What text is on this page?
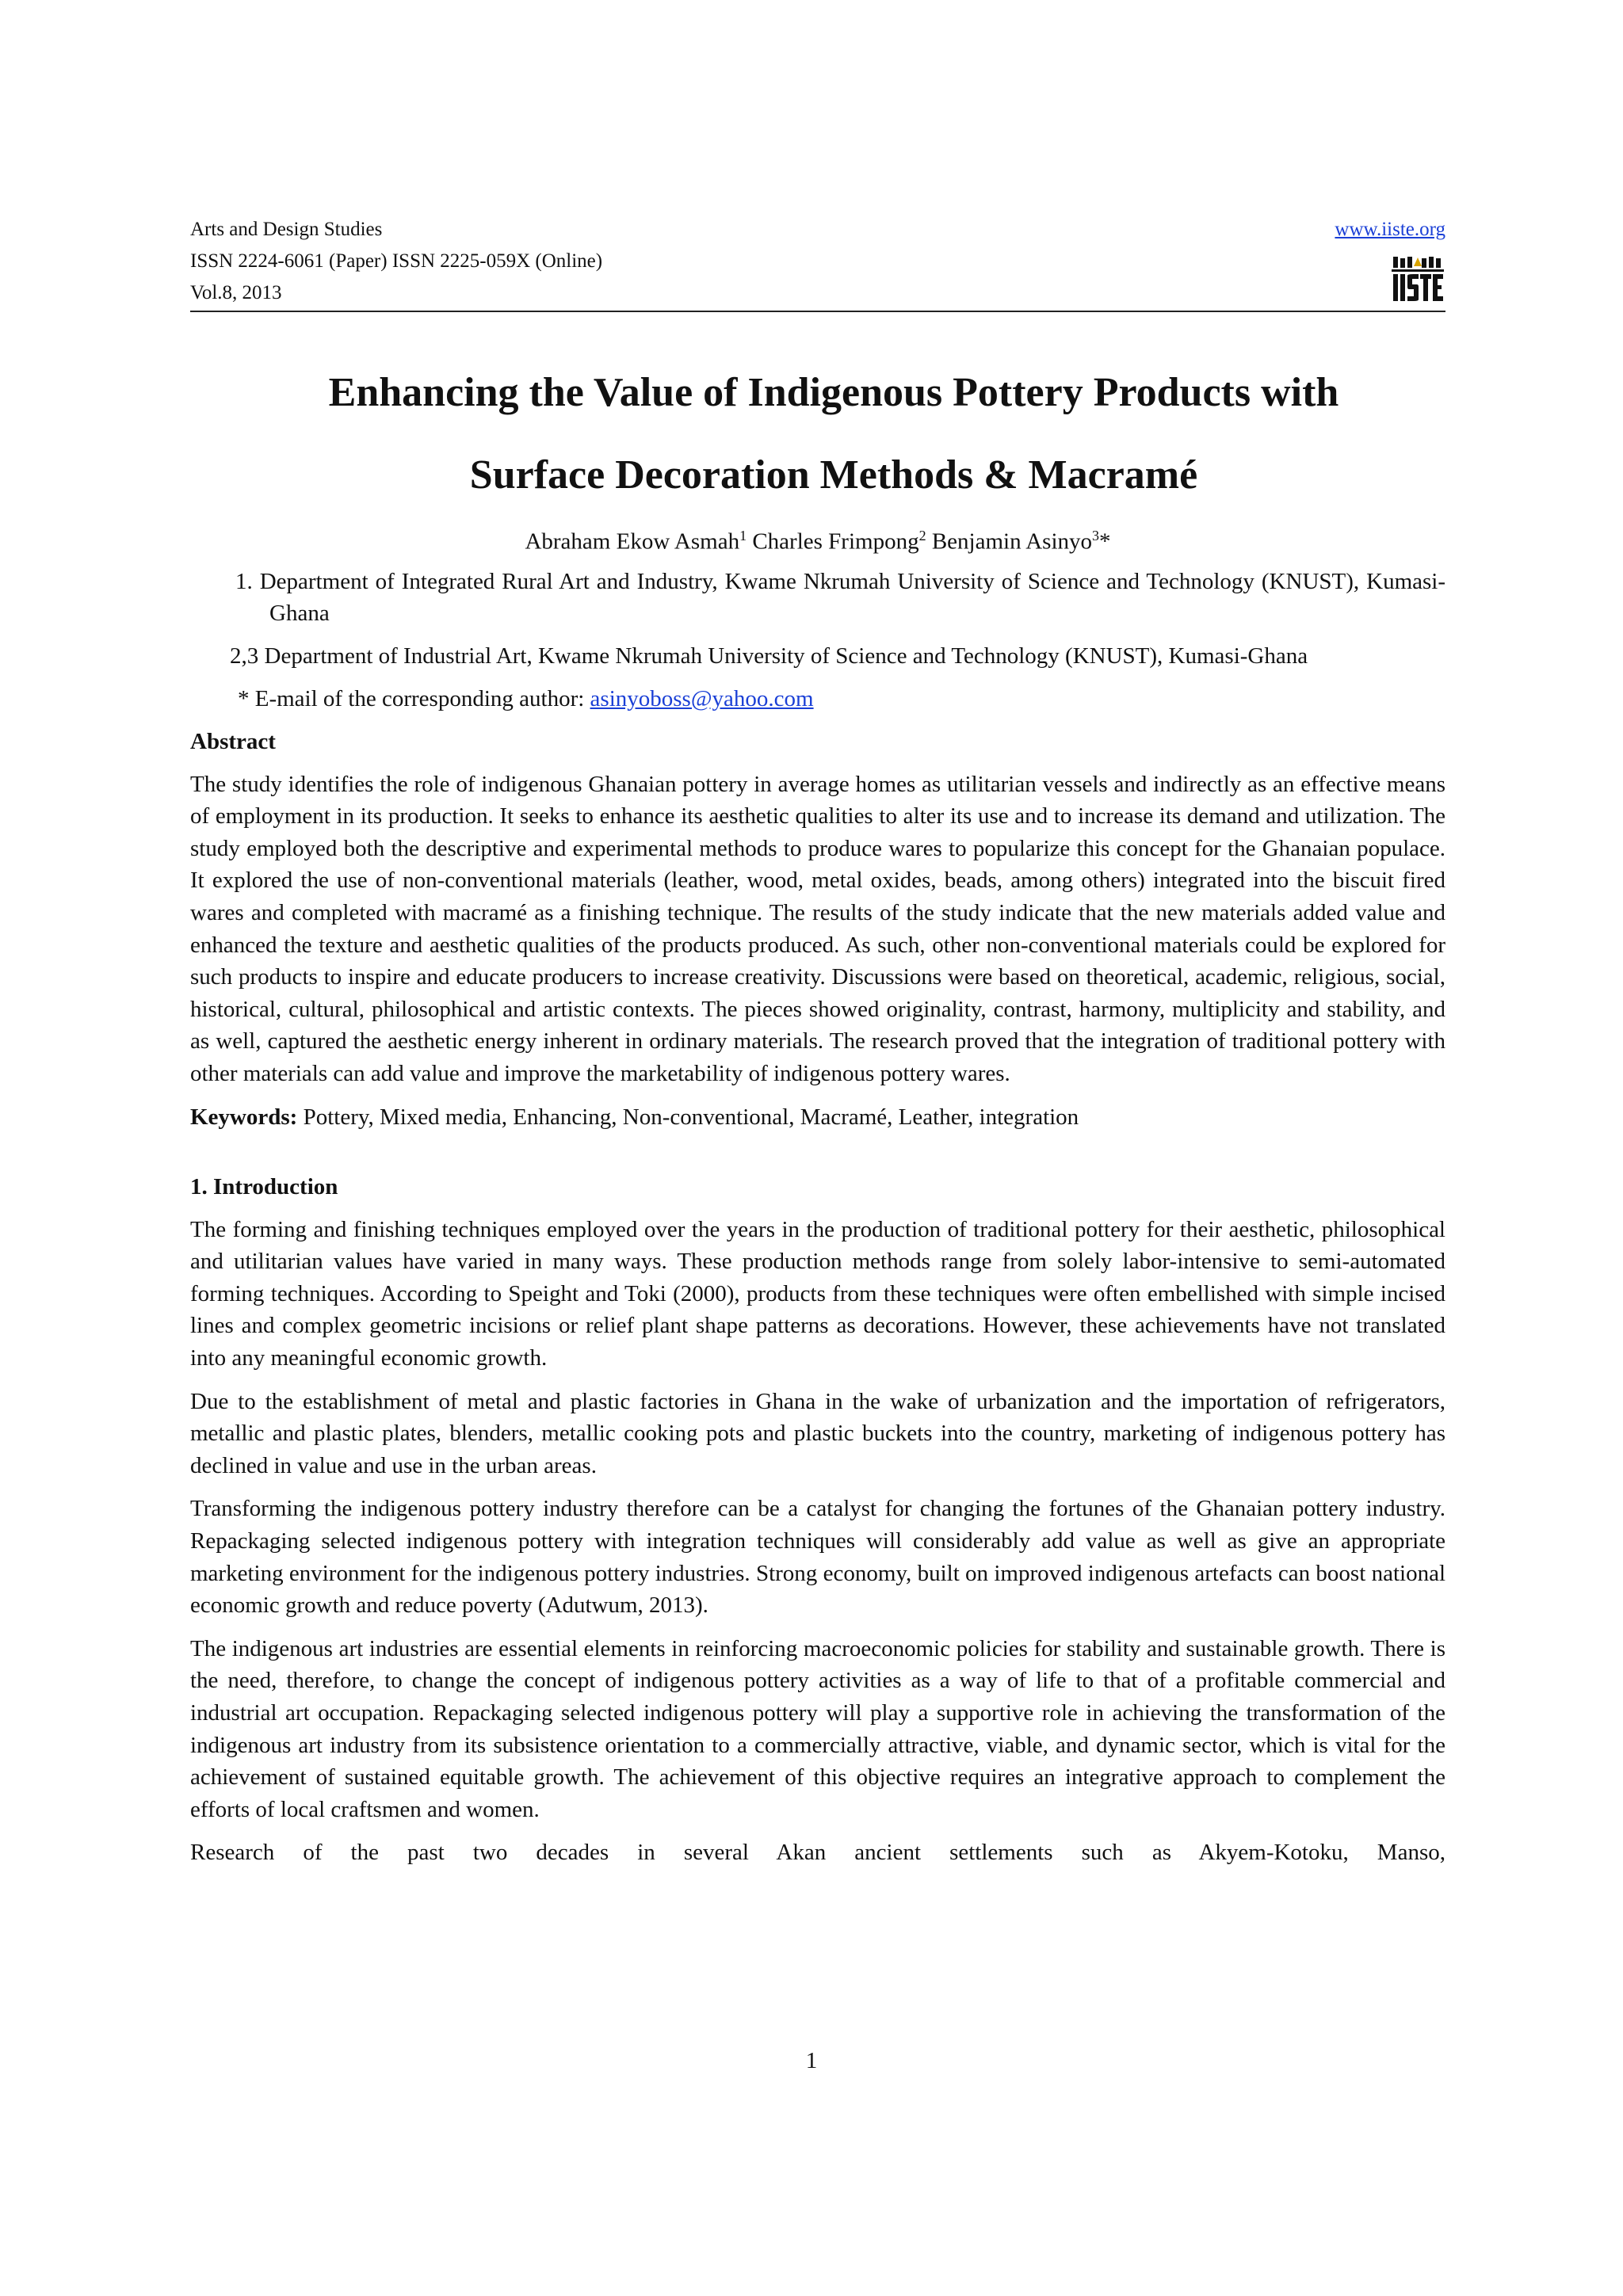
Arts and Design Studies
ISSN 2224-6061 (Paper) ISSN 2225-059X (Online)
Vol.8, 2013
www.iiste.org
Enhancing the Value of Indigenous Pottery Products with
Surface Decoration Methods & Macramé
Abraham Ekow Asmah$^1$ Charles Frimpong$^2$ Benjamin Asinyo$^3$*
1. Department of Integrated Rural Art and Industry, Kwame Nkrumah University of Science and Technology (KNUST), Kumasi-Ghana
2,3 Department of Industrial Art, Kwame Nkrumah University of Science and Technology (KNUST), Kumasi-Ghana
* E-mail of the corresponding author: asinyoboss@yahoo.com
Abstract

The study identifies the role of indigenous Ghanaian pottery in average homes as utilitarian vessels and indirectly as an effective means of employment in its production. It seeks to enhance its aesthetic qualities to alter its use and to increase its demand and utilization. The study employed both the descriptive and experimental methods to produce wares to popularize this concept for the Ghanaian populace. It explored the use of non-conventional materials (leather, wood, metal oxides, beads, among others) integrated into the biscuit fired wares and completed with macramé as a finishing technique. The results of the study indicate that the new materials added value and enhanced the texture and aesthetic qualities of the products produced. As such, other non-conventional materials could be explored for such products to inspire and educate producers to increase creativity. Discussions were based on theoretical, academic, religious, social, historical, cultural, philosophical and artistic contexts. The pieces showed originality, contrast, harmony, multiplicity and stability, and as well, captured the aesthetic energy inherent in ordinary materials. The research proved that the integration of traditional pottery with other materials can add value and improve the marketability of indigenous pottery wares.

Keywords: Pottery, Mixed media, Enhancing, Non-conventional, Macramé, Leather, integration
1. Introduction

The forming and finishing techniques employed over the years in the production of traditional pottery for their aesthetic, philosophical and utilitarian values have varied in many ways. These production methods range from solely labor-intensive to semi-automated forming techniques. According to Speight and Toki (2000), products from these techniques were often embellished with simple incised lines and complex geometric incisions or relief plant shape patterns as decorations. However, these achievements have not translated into any meaningful economic growth.

Due to the establishment of metal and plastic factories in Ghana in the wake of urbanization and the importation of refrigerators, metallic and plastic plates, blenders, metallic cooking pots and plastic buckets into the country, marketing of indigenous pottery has declined in value and use in the urban areas.

Transforming the indigenous pottery industry therefore can be a catalyst for changing the fortunes of the Ghanaian pottery industry. Repackaging selected indigenous pottery with integration techniques will considerably add value as well as give an appropriate marketing environment for the indigenous pottery industries. Strong economy, built on improved indigenous artefacts can boost national economic growth and reduce poverty (Adutwum, 2013).

The indigenous art industries are essential elements in reinforcing macroeconomic policies for stability and sustainable growth. There is the need, therefore, to change the concept of indigenous pottery activities as a way of life to that of a profitable commercial and industrial art occupation. Repackaging selected indigenous pottery will play a supportive role in achieving the transformation of the indigenous art industry from its subsistence orientation to a commercially attractive, viable, and dynamic sector, which is vital for the achievement of sustained equitable growth. The achievement of this objective requires an integrative approach to complement the efforts of local craftsmen and women.

Research of the past two decades in several Akan ancient settlements such as Akyem-Kotoku, Manso,

1
